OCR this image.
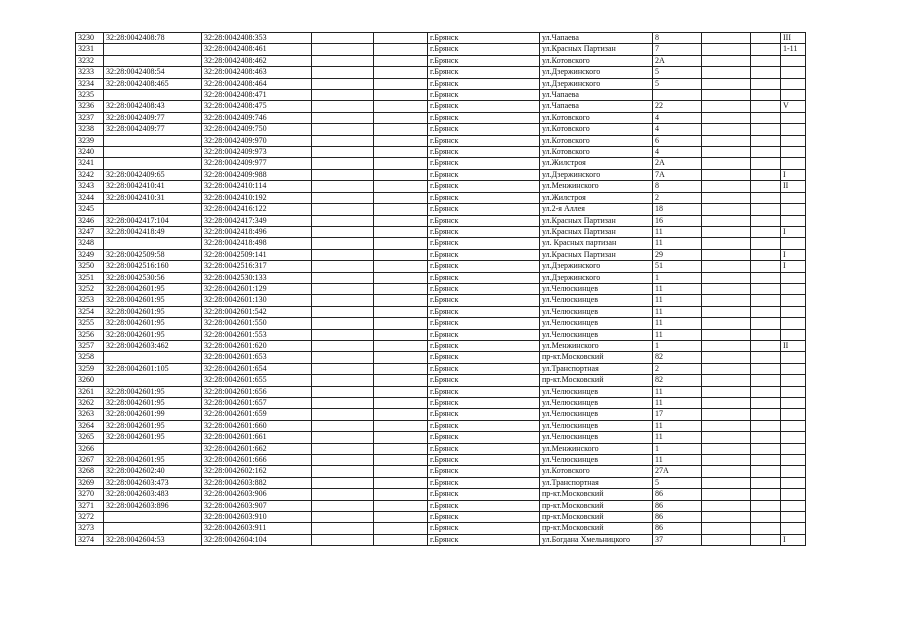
3230	32:28:0042408:78	32:28:0042408:353			г.Брянск	ул.Чапаева	8			III
3231		32:28:0042408:461			г.Брянск	ул.Красных Партизан	7			1-11
3232		32:28:0042408:462			г.Брянск	ул.Котовского	2А			
3233	32:28:0042408:54	32:28:0042408:463			г.Брянск	ул.Дзержинского	5			
3234	32:28:0042408:465	32:28:0042408:464			г.Брянск	ул.Дзержинского	5			
3235		32:28:0042408:471			г.Брянск	ул.Чапаева				
3236	32:28:0042408:43	32:28:0042408:475			г.Брянск	ул.Чапаева	22			V
3237	32:28:0042409:77	32:28:0042409:746			г.Брянск	ул.Котовского	4			
3238	32:28:0042409:77	32:28:0042409:750			г.Брянск	ул.Котовского	4			
3239		32:28:0042409:970			г.Брянск	ул.Котовского	6			
3240		32:28:0042409:973			г.Брянск	ул.Котовского	4			
3241		32:28:0042409:977			г.Брянск	ул.Жилстроя	2А			
3242	32:28:0042409:65	32:28:0042409:988			г.Брянск	ул.Дзержинского	7А			I
3243	32:28:0042410:41	32:28:0042410:114			г.Брянск	ул.Менжинского	8			II
3244	32:28:0042410:31	32:28:0042410:192			г.Брянск	ул.Жилстроя	2			
3245		32:28:0042416:122			г.Брянск	ул.2-я Аллея	18			
3246	32:28:0042417:104	32:28:0042417:349			г.Брянск	ул.Красных Партизан	16			
3247	32:28:0042418:49	32:28:0042418:496			г.Брянск	ул.Красных Партизан	11			I
3248		32:28:0042418:498			г.Брянск	ул. Красных партизан	11			
3249	32:28:0042509:58	32:28:0042509:141			г.Брянск	ул.Красных Партизан	29			I
3250	32:28:0042516:160	32:28:0042516:317			г.Брянск	ул.Дзержинского	51			I
3251	32:28:0042530:56	32:28:0042530:133			г.Брянск	ул.Дзержинского	1			
3252	32:28:0042601:95	32:28:0042601:129			г.Брянск	ул.Челюскинцев	11			
3253	32:28:0042601:95	32:28:0042601:130			г.Брянск	ул.Челюскинцев	11			
3254	32:28:0042601:95	32:28:0042601:542			г.Брянск	ул.Челюскинцев	11			
3255	32:28:0042601:95	32:28:0042601:550			г.Брянск	ул.Челюскинцев	11			
3256	32:28:0042601:95	32:28:0042601:553			г.Брянск	ул.Челюскинцев	11			
3257	32:28:0042603:462	32:28:0042601:620			г.Брянск	ул.Менжинского	1			II
3258		32:28:0042601:653			г.Брянск	пр-кт.Московский	82			
3259	32:28:0042601:105	32:28:0042601:654			г.Брянск	ул.Транспортная	2			
3260		32:28:0042601:655			г.Брянск	пр-кт.Московский	82			
3261	32:28:0042601:95	32:28:0042601:656			г.Брянск	ул.Челюскинцев	11			
3262	32:28:0042601:95	32:28:0042601:657			г.Брянск	ул.Челюскинцев	11			
3263	32:28:0042601:99	32:28:0042601:659			г.Брянск	ул.Челюскинцев	17			
3264	32:28:0042601:95	32:28:0042601:660			г.Брянск	ул.Челюскинцев	11			
3265	32:28:0042601:95	32:28:0042601:661			г.Брянск	ул.Челюскинцев	11			
3266		32:28:0042601:662			г.Брянск	ул.Менжинского	1			
3267	32:28:0042601:95	32:28:0042601:666			г.Брянск	ул.Челюскинцев	11			
3268	32:28:0042602:40	32:28:0042602:162			г.Брянск	ул.Котовского	27А			
3269	32:28:0042603:473	32:28:0042603:882			г.Брянск	ул.Транспортная	5			
3270	32:28:0042603:483	32:28:0042603:906			г.Брянск	пр-кт.Московский	86			
3271	32:28:0042603:896	32:28:0042603:907			г.Брянск	пр-кт.Московский	86			
3272		32:28:0042603:910			г.Брянск	пр-кт.Московский	86			
3273		32:28:0042603:911			г.Брянск	пр-кт.Московский	86			
3274	32:28:0042604:53	32:28:0042604:104			г.Брянск	ул.Богдана Хмельницкого	37			I
